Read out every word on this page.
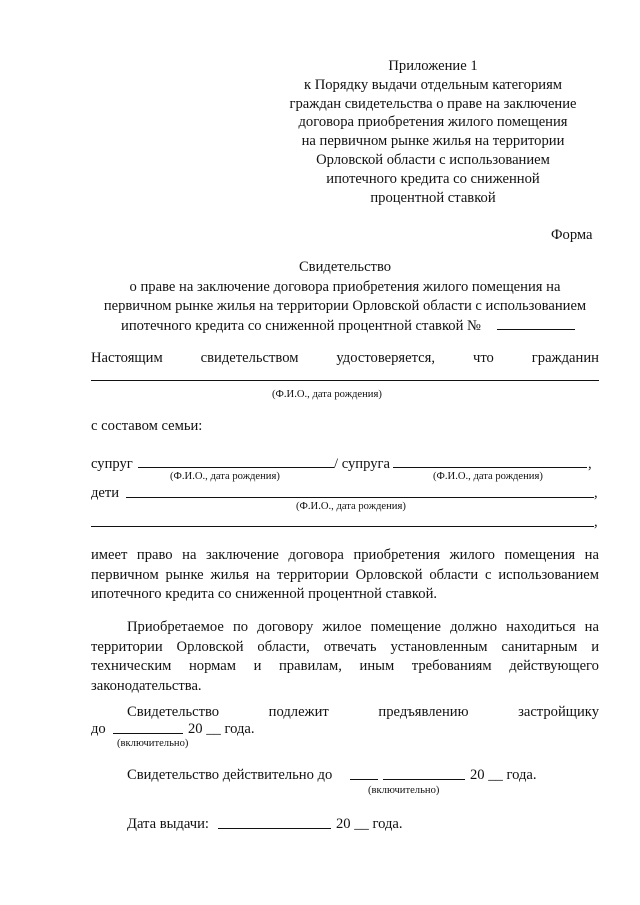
Приложение 1
к Порядку выдачи отдельным категориям
граждан свидетельства о праве на заключение
договора приобретения жилого помещения
на первичном рынке жилья на территории
Орловской области с использованием
ипотечного кредита со сниженной
процентной ставкой
Форма
Свидетельство
о праве на заключение договора приобретения жилого помещения на
первичном рынке жилья на территории Орловской области с использованием
ипотечного кредита со сниженной процентной ставкой №
Настоящим	свидетельством	удостоверяется,	что	гражданин
(Ф.И.О., дата рождения)
с составом семьи:
супруг	/ супруга	,
(Ф.И.О., дата рождения)	(Ф.И.О., дата рождения)
дети	,
(Ф.И.О., дата рождения)
,
имеет право на заключение договора приобретения жилого помещения на
первичном рынке жилья на территории Орловской области с использованием
ипотечного кредита со сниженной процентной ставкой.
Приобретаемое по договору жилое помещение должно находиться на
территории Орловской области, отвечать установленным санитарным и
техническим нормам и правилам, иным требованиям действующего
законодательства.
Свидетельство	подлежит	предъявлению	застройщику
до	20 __ года.
(включительно)
Свидетельство действительно до	20 __ года.
(включительно)
Дата выдачи:	20 __ года.
